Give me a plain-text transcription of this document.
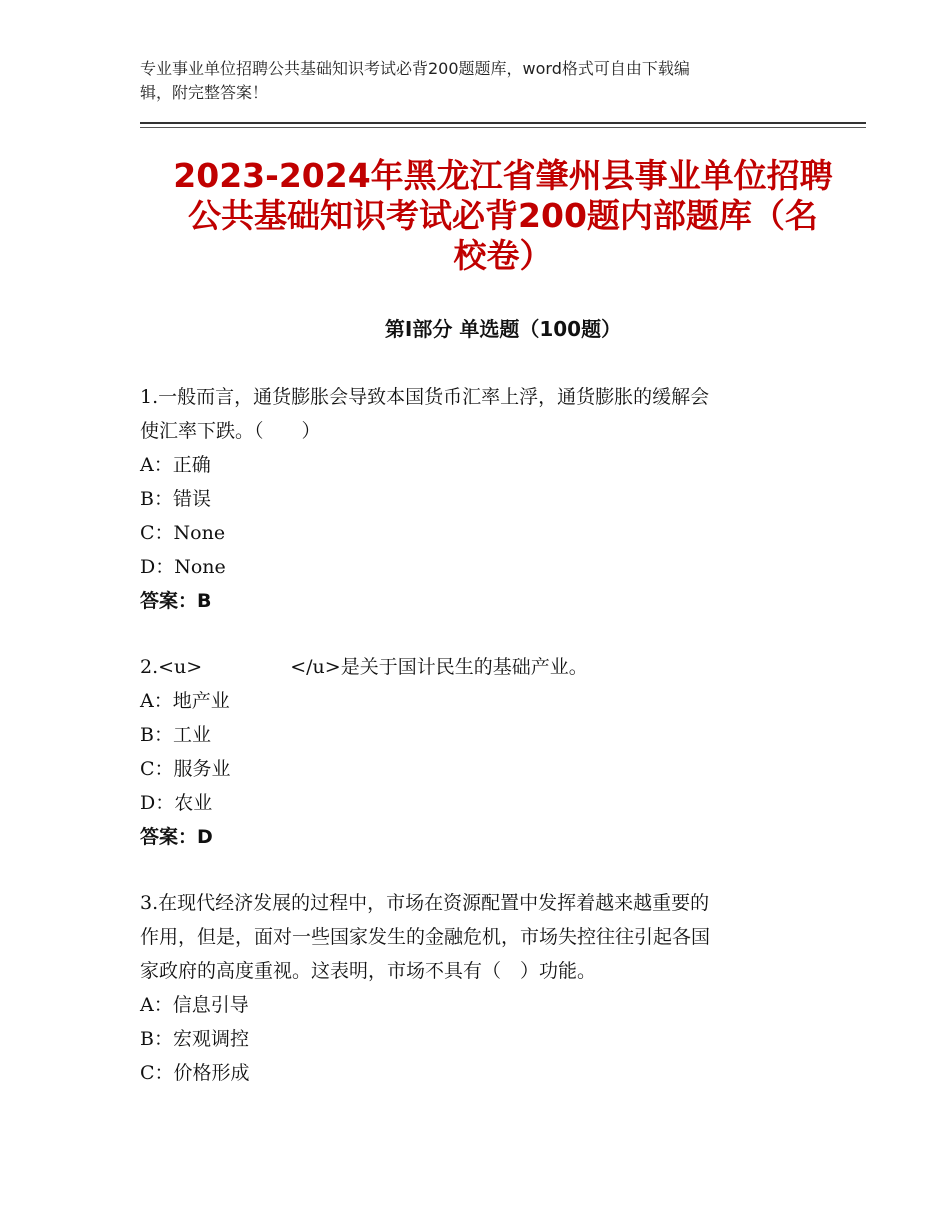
专业事业单位招聘公共基础知识考试必背200题题库，word格式可自由下载编
辑，附完整答案！
2023-2024年黑龙江省肇州县事业单位招聘
公共基础知识考试必背200题内部题库（名
校卷）
第Ⅰ部分 单选题（100题）

1.一般而言，通货膨胀会导致本国货币汇率上浮，通货膨胀的缓解会

使汇率下跌。（　　）

A：正确

B：错误

C：None

D：None

答案：B

2.<u>	</u>是关于国计民生的基础产业。

A：地产业

B：工业

C：服务业

D：农业

答案：D

3.在现代经济发展的过程中，市场在资源配置中发挥着越来越重要的

作用，但是，面对一些国家发生的金融危机，市场失控往往引起各国

家政府的高度重视。这表明，市场不具有（　）功能。

A：信息引导

B：宏观调控

C：价格形成
